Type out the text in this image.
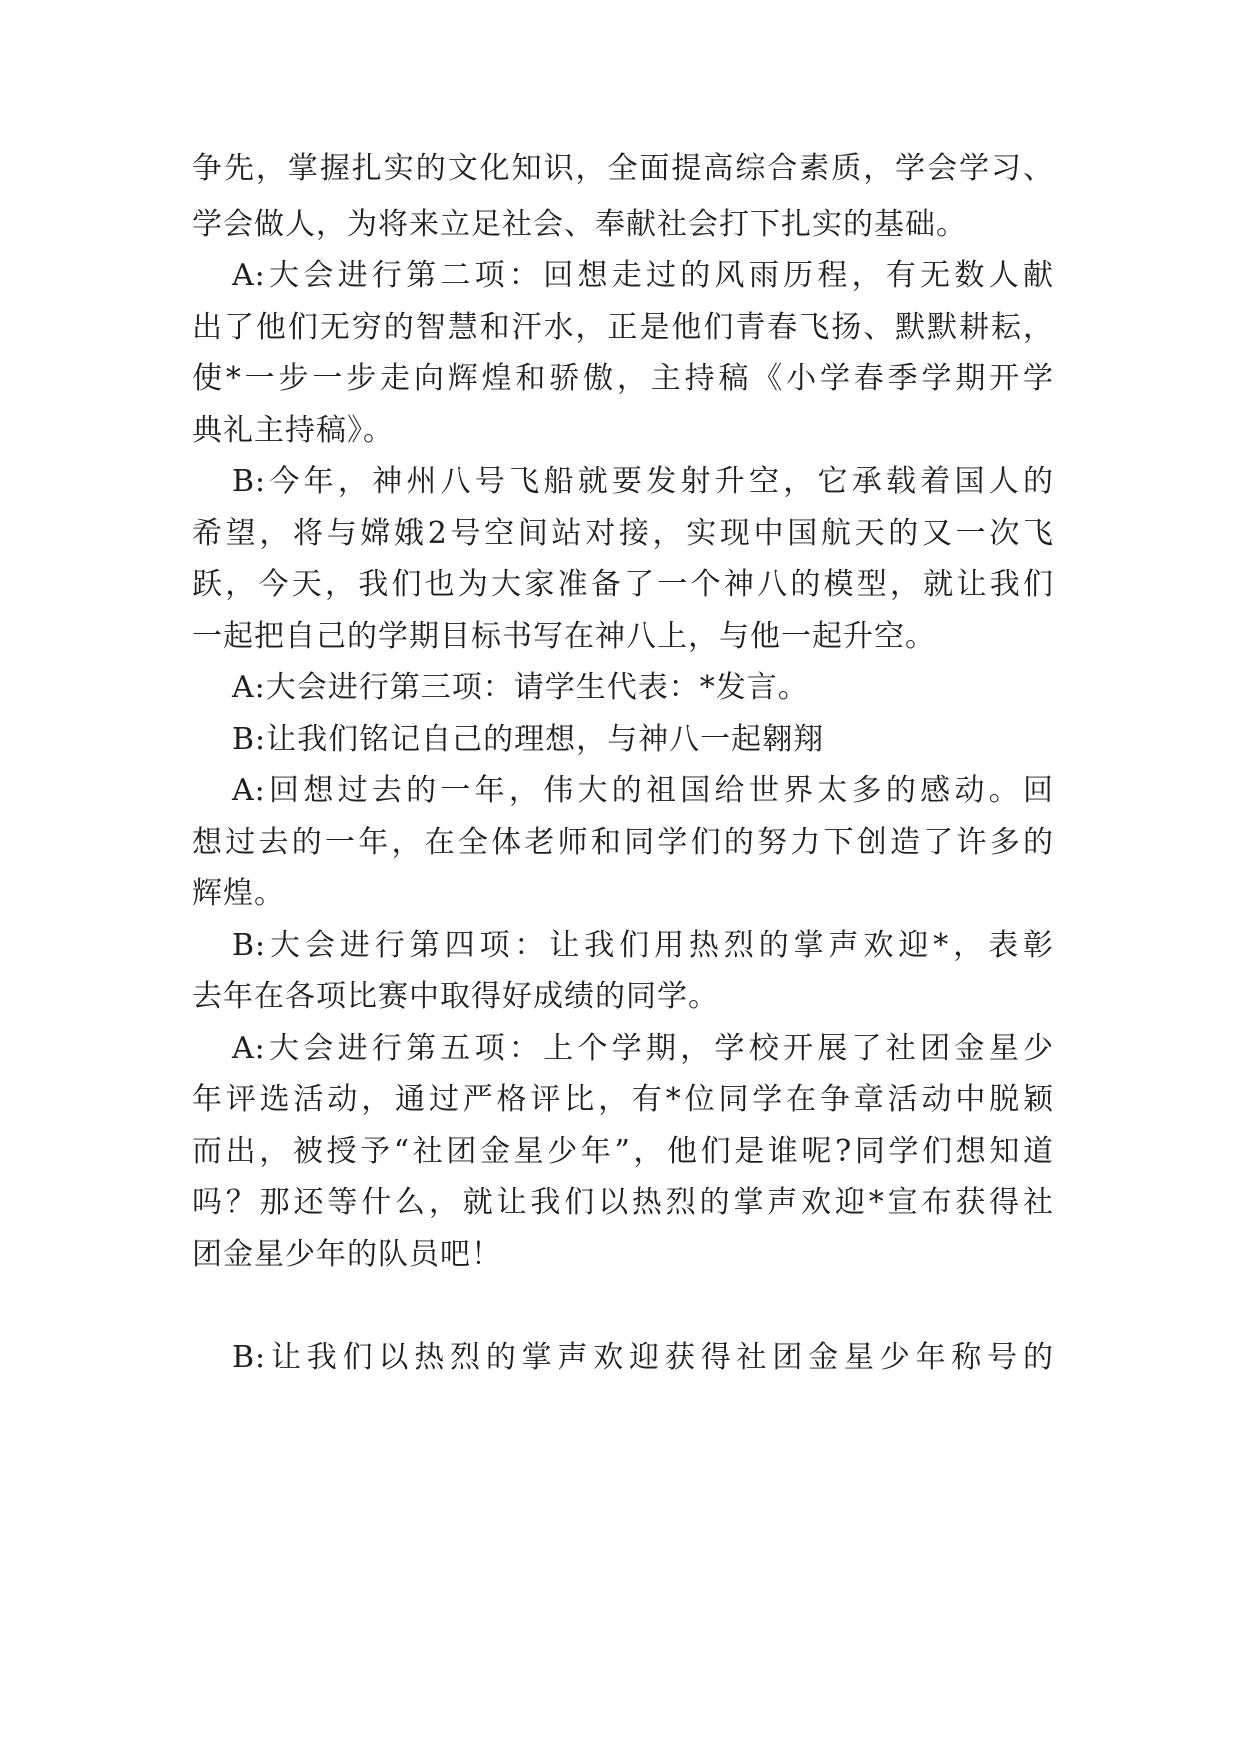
争先，掌握扎实的文化知识，全面提高综合素质，学会学习、
学会做人，为将来立足社会、奉献社会打下扎实的基础。
A:大会进行第二项：回想走过的风雨历程，有无数人献
出了他们无穷的智慧和汗水，正是他们青春飞扬、默默耕耘，
使*一步一步走向辉煌和骄傲，主持稿《小学春季学期开学
典礼主持稿》。
B:今年，神州八号飞船就要发射升空，它承载着国人的
希望，将与嫦娥2号空间站对接，实现中国航天的又一次飞
跃，今天，我们也为大家准备了一个神八的模型，就让我们
一起把自己的学期目标书写在神八上，与他一起升空。
A:大会进行第三项：请学生代表：*发言。
B:让我们铭记自己的理想，与神八一起翱翔
A:回想过去的一年，伟大的祖国给世界太多的感动。回
想过去的一年，在全体老师和同学们的努力下创造了许多的
辉煌。
B:大会进行第四项：让我们用热烈的掌声欢迎*，表彰
去年在各项比赛中取得好成绩的同学。
A:大会进行第五项：上个学期，学校开展了社团金星少
年评选活动，通过严格评比，有*位同学在争章活动中脱颖
而出，被授予“社团金星少年”，他们是谁呢?同学们想知道
吗？那还等什么，就让我们以热烈的掌声欢迎*宣布获得社
团金星少年的队员吧！
B:让我们以热烈的掌声欢迎获得社团金星少年称号的
